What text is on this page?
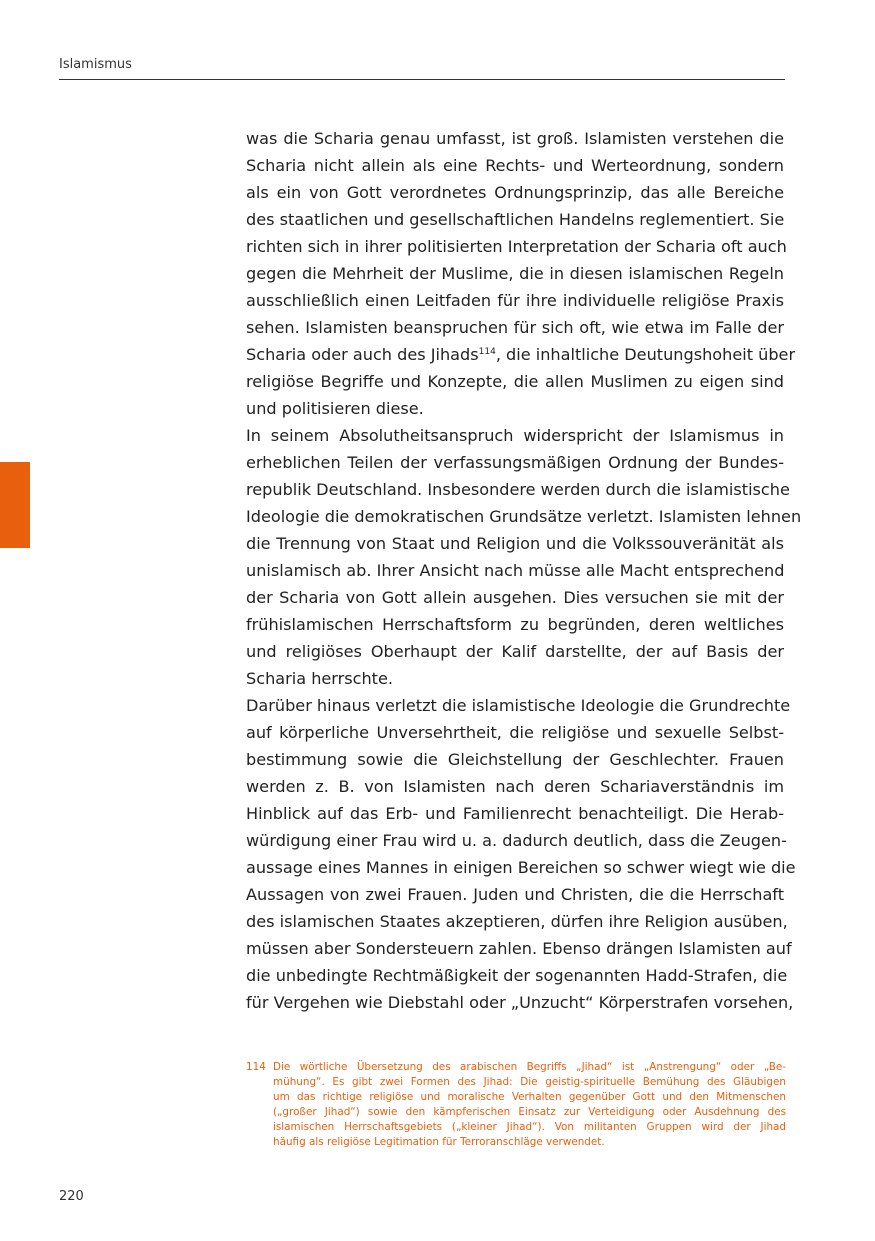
Islamismus
was die Scharia genau umfasst, ist groß. Islamisten verstehen die
Scharia nicht allein als eine Rechts- und Werteordnung, sondern
als ein von Gott verordnetes Ordnungsprinzip, das alle Bereiche
des staatlichen und gesellschaftlichen Handelns reglementiert. Sie
richten sich in ihrer politisierten Interpretation der Scharia oft auch
gegen die Mehrheit der Muslime, die in diesen islamischen Regeln
ausschließlich einen Leitfaden für ihre individuelle religiöse Praxis
sehen. Islamisten beanspruchen für sich oft, wie etwa im Falle der
Scharia oder auch des Jihads$^{114}$, die inhaltliche Deutungshoheit über
religiöse Begriffe und Konzepte, die allen Muslimen zu eigen sind
und politisieren diese.
In seinem Absolutheitsanspruch widerspricht der Islamismus in
erheblichen Teilen der verfassungsmäßigen Ordnung der Bundes-
republik Deutschland. Insbesondere werden durch die islamistische
Ideologie die demokratischen Grundsätze verletzt. Islamisten lehnen
die Trennung von Staat und Religion und die Volkssouveränität als
unislamisch ab. Ihrer Ansicht nach müsse alle Macht entsprechend
der Scharia von Gott allein ausgehen. Dies versuchen sie mit der
frühislamischen Herrschaftsform zu begründen, deren weltliches
und religiöses Oberhaupt der Kalif darstellte, der auf Basis der
Scharia herrschte.
Darüber hinaus verletzt die islamistische Ideologie die Grundrechte
auf körperliche Unversehrtheit, die religiöse und sexuelle Selbst-
bestimmung sowie die Gleichstellung der Geschlechter. Frauen
werden z. B. von Islamisten nach deren Schariaverständnis im
Hinblick auf das Erb- und Familienrecht benachteiligt. Die Herab-
würdigung einer Frau wird u. a. dadurch deutlich, dass die Zeugen-
aussage eines Mannes in einigen Bereichen so schwer wiegt wie die
Aussagen von zwei Frauen. Juden und Christen, die die Herrschaft
des islamischen Staates akzeptieren, dürfen ihre Religion ausüben,
müssen aber Sondersteuern zahlen. Ebenso drängen Islamisten auf
die unbedingte Rechtmäßigkeit der sogenannten Hadd-Strafen, die
für Vergehen wie Diebstahl oder „Unzucht“ Körperstrafen vorsehen,
114 Die wörtliche Übersetzung des arabischen Begriffs „Jihad“ ist „Anstrengung“ oder „Be-
mühung“. Es gibt zwei Formen des Jihad: Die geistig-spirituelle Bemühung des Gläubigen
um das richtige religiöse und moralische Verhalten gegenüber Gott und den Mitmenschen
(„großer Jihad“) sowie den kämpferischen Einsatz zur Verteidigung oder Ausdehnung des
islamischen Herrschaftsgebiets („kleiner Jihad“). Von militanten Gruppen wird der Jihad
häufig als religiöse Legitimation für Terroranschläge verwendet.
220
